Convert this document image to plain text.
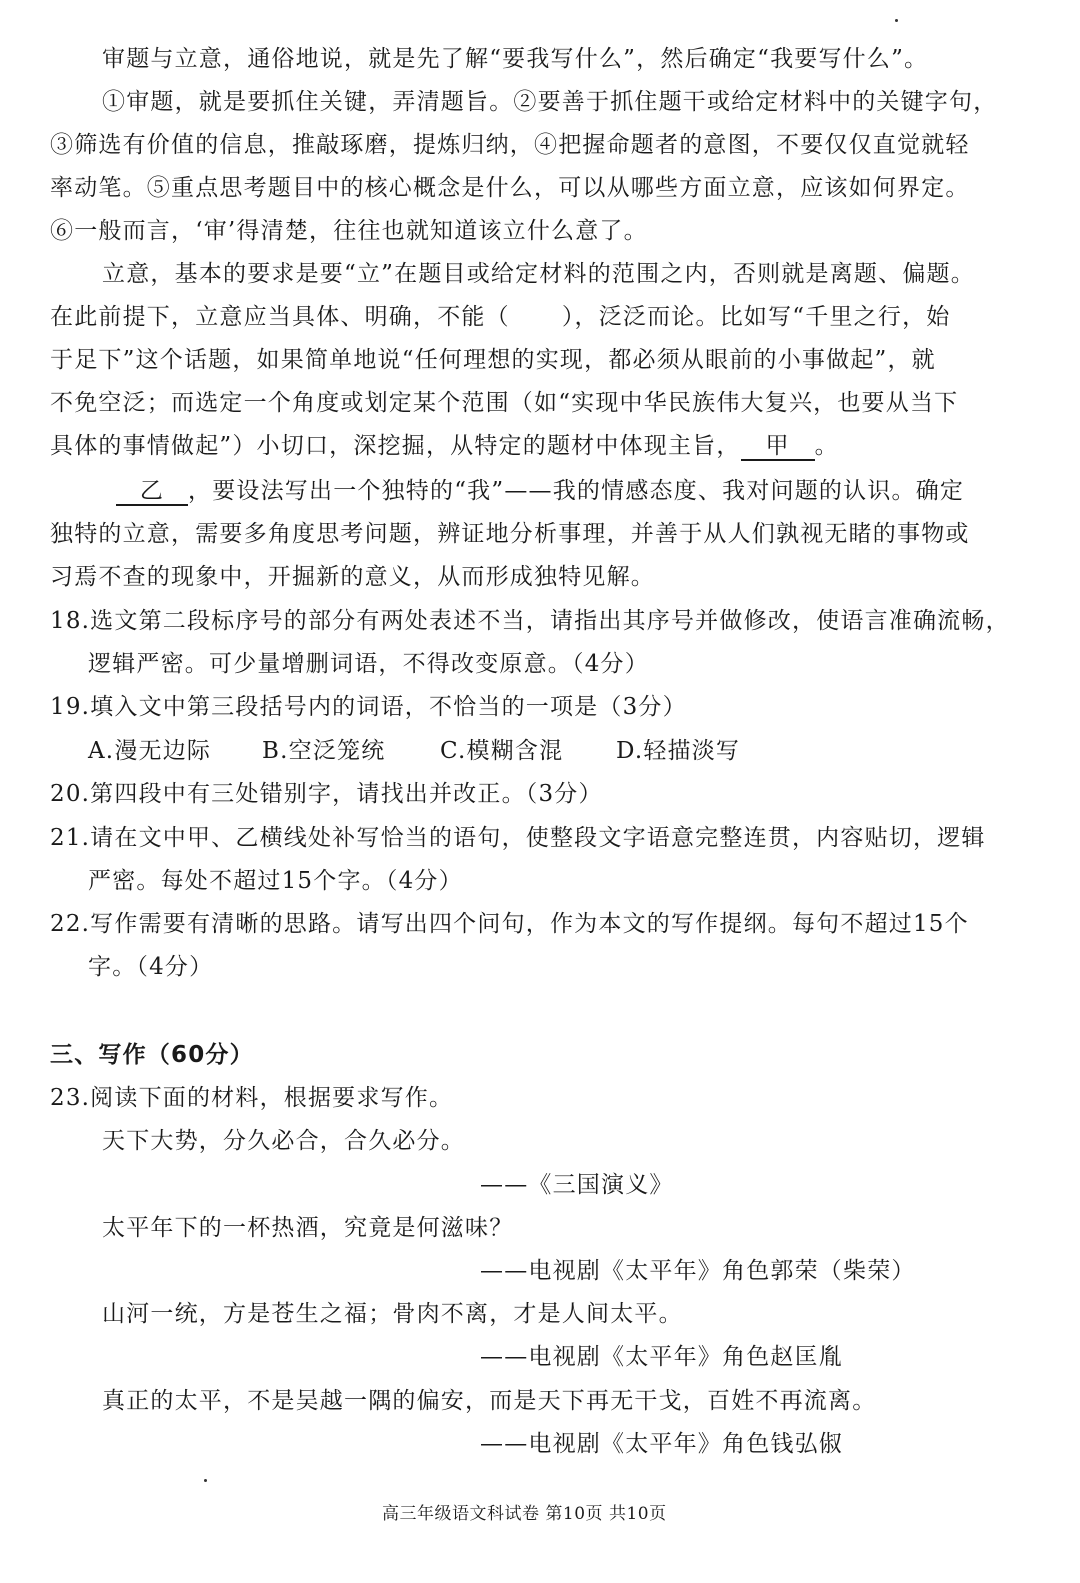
审题与立意，通俗地说，就是先了解“要我写什么”，然后确定“我要写什么”。
①审题，就是要抓住关键，弄清题旨。②要善于抓住题干或给定材料中的关键字句，
③筛选有价值的信息，推敲琢磨，提炼归纳，④把握命题者的意图，不要仅仅直觉就轻
率动笔。⑤重点思考题目中的核心概念是什么，可以从哪些方面立意，应该如何界定。
⑥一般而言，‘审’得清楚，往往也就知道该立什么意了。
立意，基本的要求是要“立”在题目或给定材料的范围之内，否则就是离题、偏题。
在此前提下，立意应当具体、明确，不能（ ），泛泛而论。比如写“千里之行，始
于足下”这个话题，如果简单地说“任何理想的实现，都必须从眼前的小事做起”，就
不免空泛；而选定一个角度或划定某个范围（如“实现中华民族伟大复兴，也要从当下
具体的事情做起”）小切口，深挖掘，从特定的题材中体现主旨， 甲 。
乙 ，要设法写出一个独特的“我”——我的情感态度、我对问题的认识。确定
独特的立意，需要多角度思考问题，辨证地分析事理，并善于从人们孰视无睹的事物或
习焉不查的现象中，开掘新的意义，从而形成独特见解。
18.选文第二段标序号的部分有两处表述不当，请指出其序号并做修改，使语言准确流畅，
逻辑严密。可少量增删词语，不得改变原意。（4分）
19.填入文中第三段括号内的词语，不恰当的一项是（3分）
A.漫无边际 B.空泛笼统 C.模糊含混 D.轻描淡写
20.第四段中有三处错别字，请找出并改正。（3分）
21.请在文中甲、乙横线处补写恰当的语句，使整段文字语意完整连贯，内容贴切，逻辑
严密。每处不超过15个字。（4分）
22.写作需要有清晰的思路。请写出四个问句，作为本文的写作提纲。每句不超过15个
字。（4分）
三、写作（60分）
23.阅读下面的材料，根据要求写作。
天下大势，分久必合，合久必分。
——《三国演义》
太平年下的一杯热酒，究竟是何滋味？
——电视剧《太平年》角色郭荣（柴荣）
山河一统，方是苍生之福；骨肉不离，才是人间太平。
——电视剧《太平年》角色赵匡胤
真正的太平，不是吴越一隅的偏安，而是天下再无干戈，百姓不再流离。
——电视剧《太平年》角色钱弘俶
高三年级语文科试卷 第10页 共10页
